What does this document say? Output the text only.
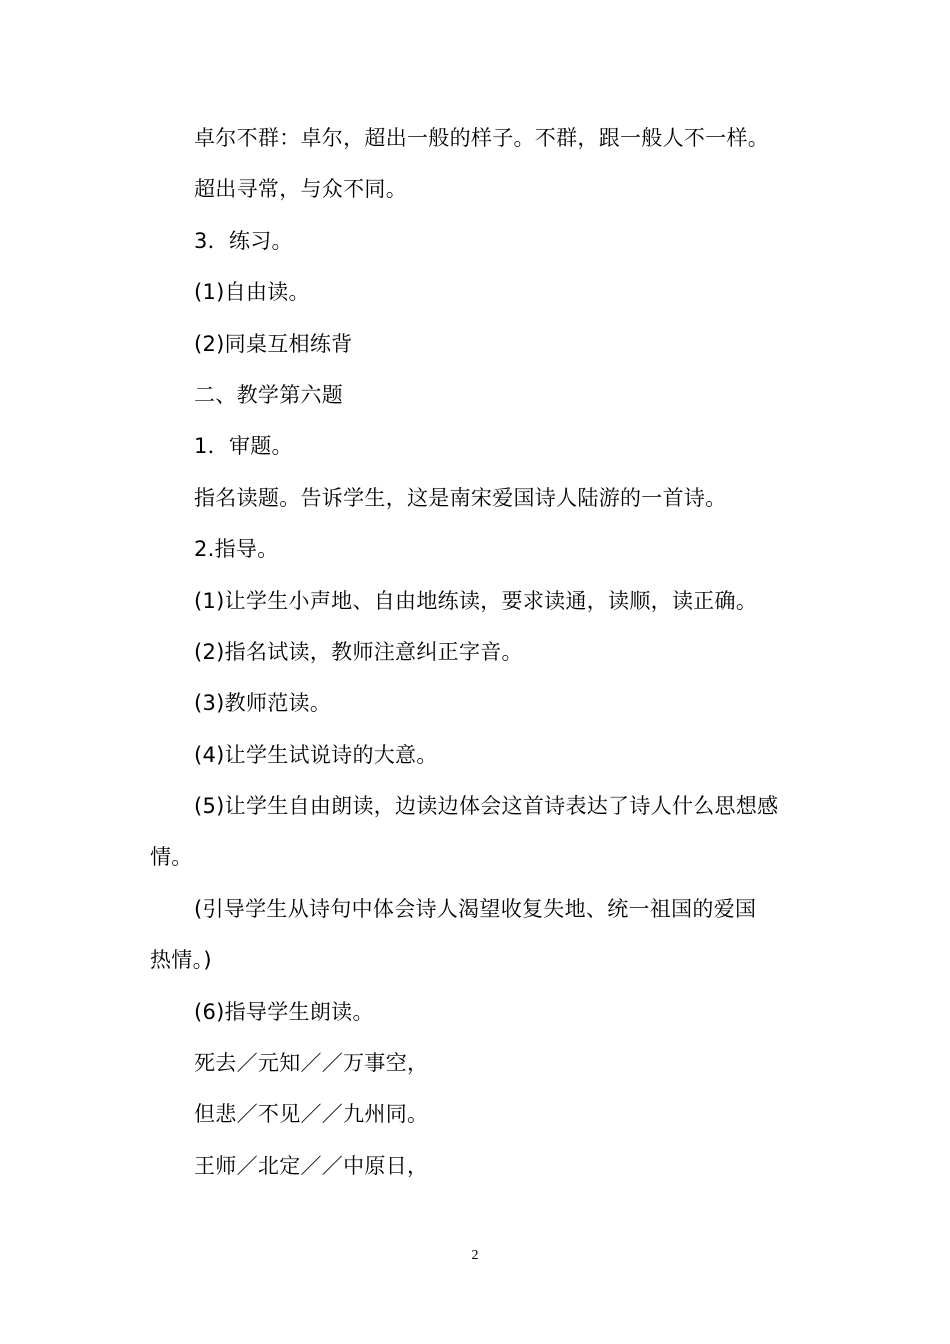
卓尔不群：卓尔，超出一般的样子。不群，跟一般人不一样。
超出寻常，与众不同。
3．练习。
(1)自由读。
(2)同桌互相练背
二、教学第六题
1．审题。
指名读题。告诉学生，这是南宋爱国诗人陆游的一首诗。
2.指导。
(1)让学生小声地、自由地练读，要求读通，读顺，读正确。
(2)指名试读，教师注意纠正字音。
(3)教师范读。
(4)让学生试说诗的大意。
(5)让学生自由朗读，边读边体会这首诗表达了诗人什么思想感
情。
(引导学生从诗句中体会诗人渴望收复失地、统一祖国的爱国
热情。)
(6)指导学生朗读。
死去／元知／／万事空，
但悲／不见／／九州同。
王师／北定／／中原日，
2
